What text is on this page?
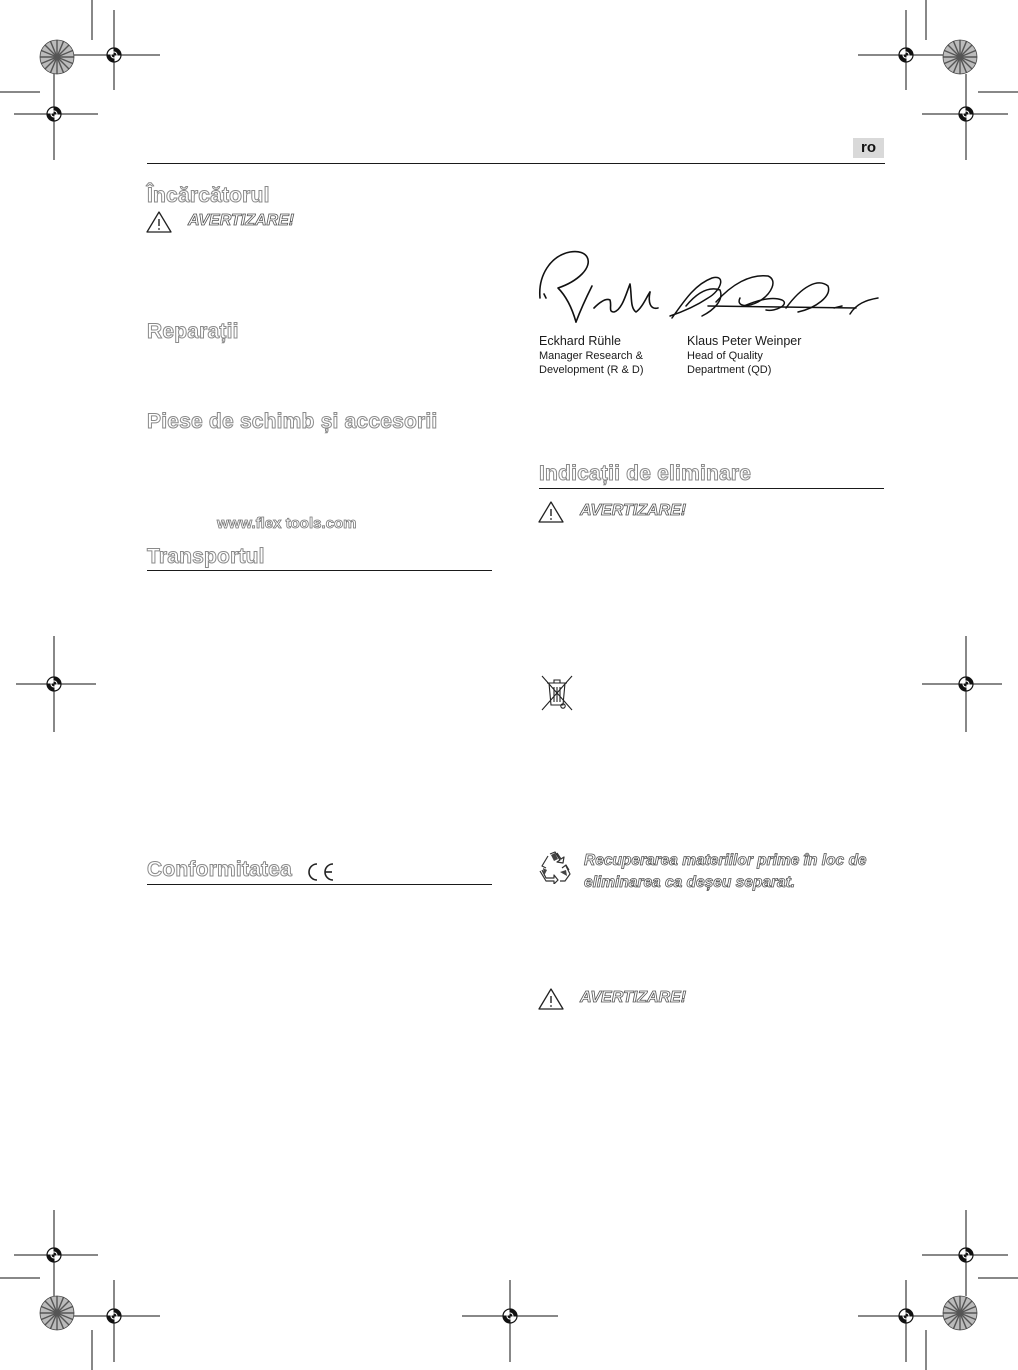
ro
Încărcătorul
AVERTIZARE!
Reparații
Piese de schimb și accesorii
www.flex tools.com
Transportul
Conformitatea
Eckhard Rühle
Manager Research &
Development (R & D)
Klaus Peter Weinper
Head of Quality
Department (QD)
Indicații de eliminare
AVERTIZARE!
Recuperarea materiilor prime în loc de
eliminarea ca deșeu separat.
AVERTIZARE!
